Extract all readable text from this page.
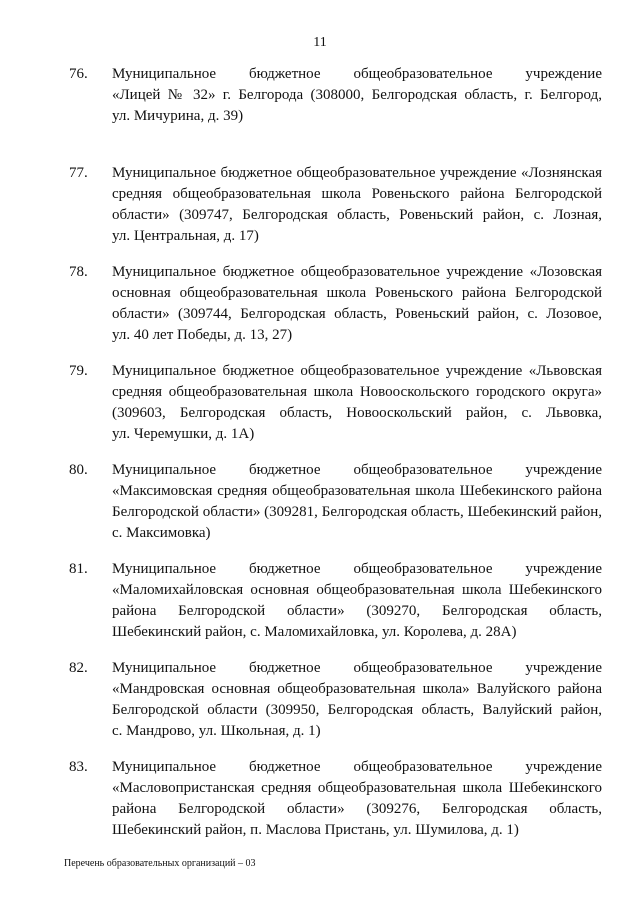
11
76. Муниципальное бюджетное общеобразовательное учреждение
«Лицей № 32» г. Белгорода (308000, Белгородская область, г. Белгород,
ул. Мичурина, д. 39)
77. Муниципальное бюджетное общеобразовательное учреждение «Лознянская
средняя общеобразовательная школа Ровеньского района Белгородской
области» (309747, Белгородская область, Ровеньский район, с. Лозная,
ул. Центральная, д. 17)
78. Муниципальное бюджетное общеобразовательное учреждение «Лозовская
основная общеобразовательная школа Ровеньского района Белгородской
области» (309744, Белгородская область, Ровеньский район, с. Лозовое,
ул. 40 лет Победы, д. 13, 27)
79. Муниципальное бюджетное общеобразовательное учреждение «Львовская
средняя общеобразовательная школа Новооскольского городского округа»
(309603, Белгородская область, Новооскольский район, с. Львовка,
ул. Черемушки, д. 1А)
80. Муниципальное бюджетное общеобразовательное учреждение
«Максимовская средняя общеобразовательная школа Шебекинского района
Белгородской области» (309281, Белгородская область, Шебекинский район,
с. Максимовка)
81. Муниципальное бюджетное общеобразовательное учреждение
«Маломихайловская основная общеобразовательная школа Шебекинского
района Белгородской области» (309270, Белгородская область,
Шебекинский район, с. Маломихайловка, ул. Королева, д. 28А)
82. Муниципальное бюджетное общеобразовательное учреждение
«Мандровская основная общеобразовательная школа» Валуйского района
Белгородской области (309950, Белгородская область, Валуйский район,
с. Мандрово, ул. Школьная, д. 1)
83. Муниципальное бюджетное общеобразовательное учреждение
«Масловопристанская средняя общеобразовательная школа Шебекинского
района Белгородской области» (309276, Белгородская область,
Шебекинский район, п. Маслова Пристань, ул. Шумилова, д. 1)
Перечень образовательных организаций – 03
